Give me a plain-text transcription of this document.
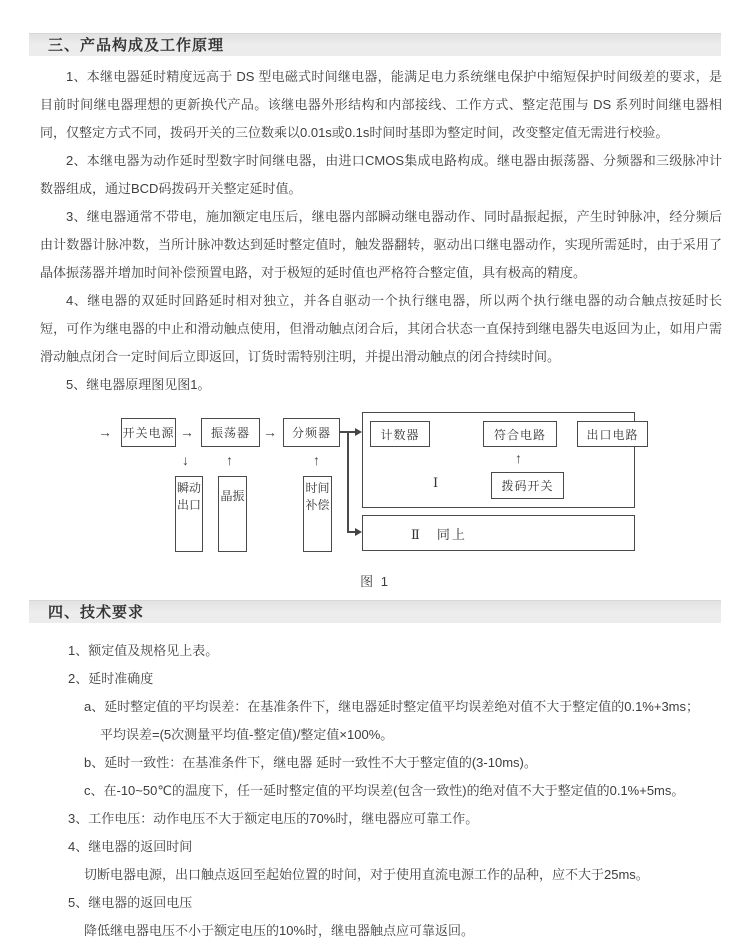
三、产品构成及工作原理

1、本继电器延时精度远高于 DS 型电磁式时间继电器，能满足电力系统继电保护中缩短保护时间级差的要求，是目前时间继电器理想的更新换代产品。该继电器外形结构和内部接线、工作方式、整定范围与 DS 系列时间继电器相同，仅整定方式不同，拨码开关的三位数乘以0.01s或0.1s时间时基即为整定时间，改变整定值无需进行校验。

2、本继电器为动作延时型数字时间继电器，由进口CMOS集成电路构成。继电器由振荡器、分频器和三级脉冲计数器组成，通过BCD码拨码开关整定延时值。

3、继电器通常不带电，施加额定电压后，继电器内部瞬动继电器动作、同时晶振起振，产生时钟脉冲，经分频后由计数器计脉冲数，当所计脉冲数达到延时整定值时，触发器翻转，驱动出口继电器动作，实现所需延时，由于采用了晶体振荡器并增加时间补偿预置电路，对于极短的延时值也严格符合整定值，具有极高的精度。

4、继电器的双延时回路延时相对独立，并各自驱动一个执行继电器，所以两个执行继电器的动合触点按延时长短，可作为继电器的中止和滑动触点使用，但滑动触点闭合后，其闭合状态一直保持到继电器失电返回为止，如用户需滑动触点闭合一定时间后立即返回，订货时需特别注明，并提出滑动触点的闭合持续时间。

5、继电器原理图见图1。

→ 开关电源 →	振荡器 →	分频器
↓	↑	↑
瞬动出口
晶振
时间补偿
计数器	符合电路	出口电路
↑
拨码开关
Ⅰ
Ⅱ　同上
图 1
四、技术要求
1、额定值及规格见上表。
2、延时准确度
a、延时整定值的平均误差：在基准条件下，继电器延时整定值平均误差绝对值不大于整定值的0.1%+3ms；
平均误差=(5次测量平均值-整定值)/整定值×100%。
b、延时一致性：在基准条件下，继电器 延时一致性不大于整定值的(3-10ms)。
c、在-10~50℃的温度下，任一延时整定值的平均误差(包含一致性)的绝对值不大于整定值的0.1%+5ms。
3、工作电压：动作电压不大于额定电压的70%时，继电器应可靠工作。
4、继电器的返回时间
切断电器电源，出口触点返回至起始位置的时间，对于使用直流电源工作的品种，应不大于25ms。
5、继电器的返回电压
降低继电器电压不小于额定电压的10%时，继电器触点应可靠返回。
